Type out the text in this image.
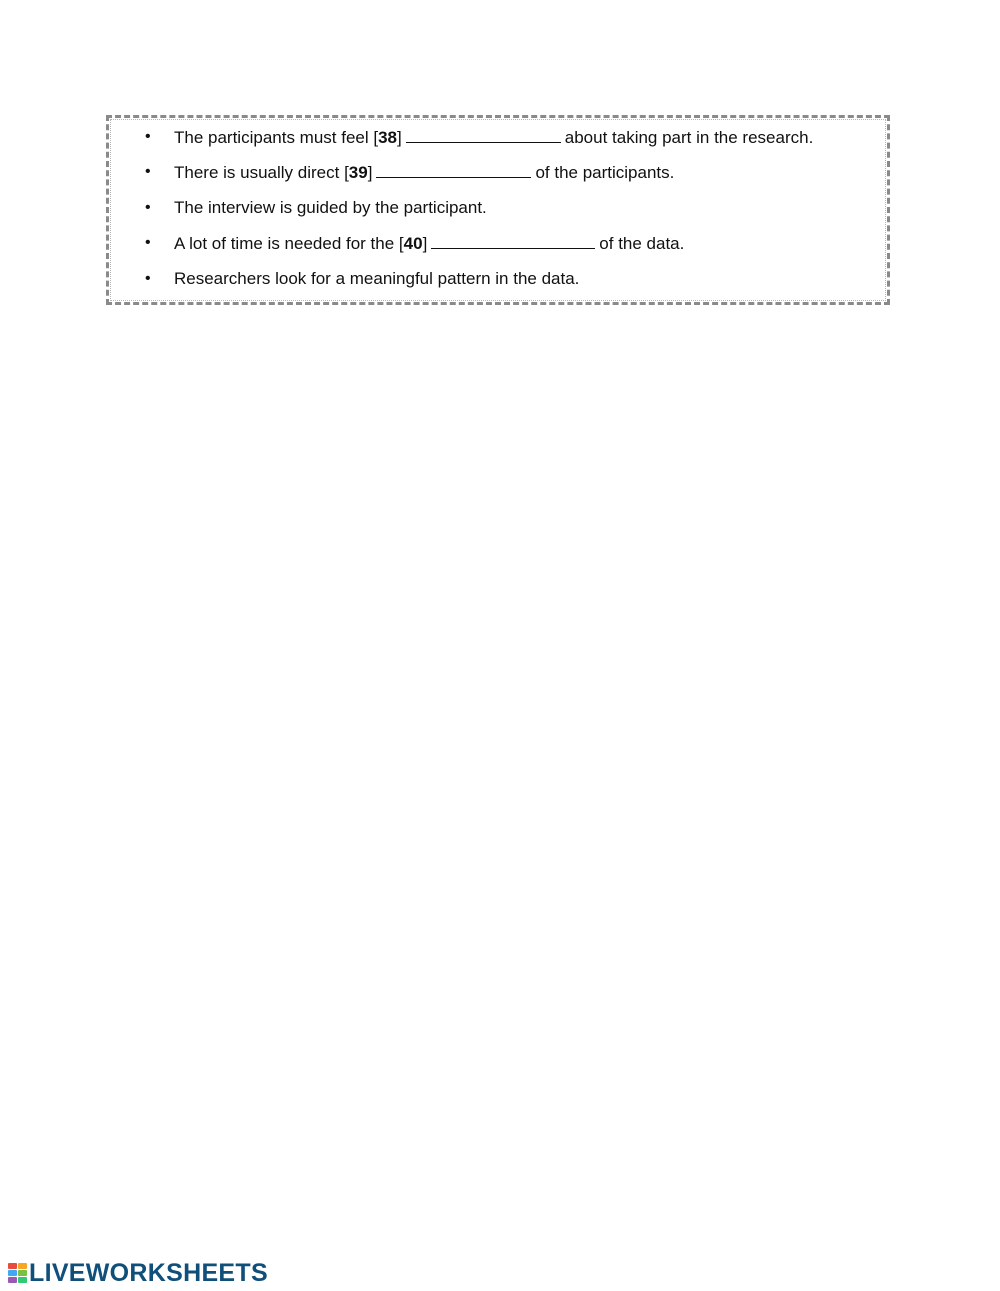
• The participants must feel [38]	about taking part in the research.
• There is usually direct [39]	of the participants.
• The interview is guided by the participant.
• A lot of time is needed for the [40]	of the data.
• Researchers look for a meaningful pattern in the data.
LIVEWORKSHEETS
